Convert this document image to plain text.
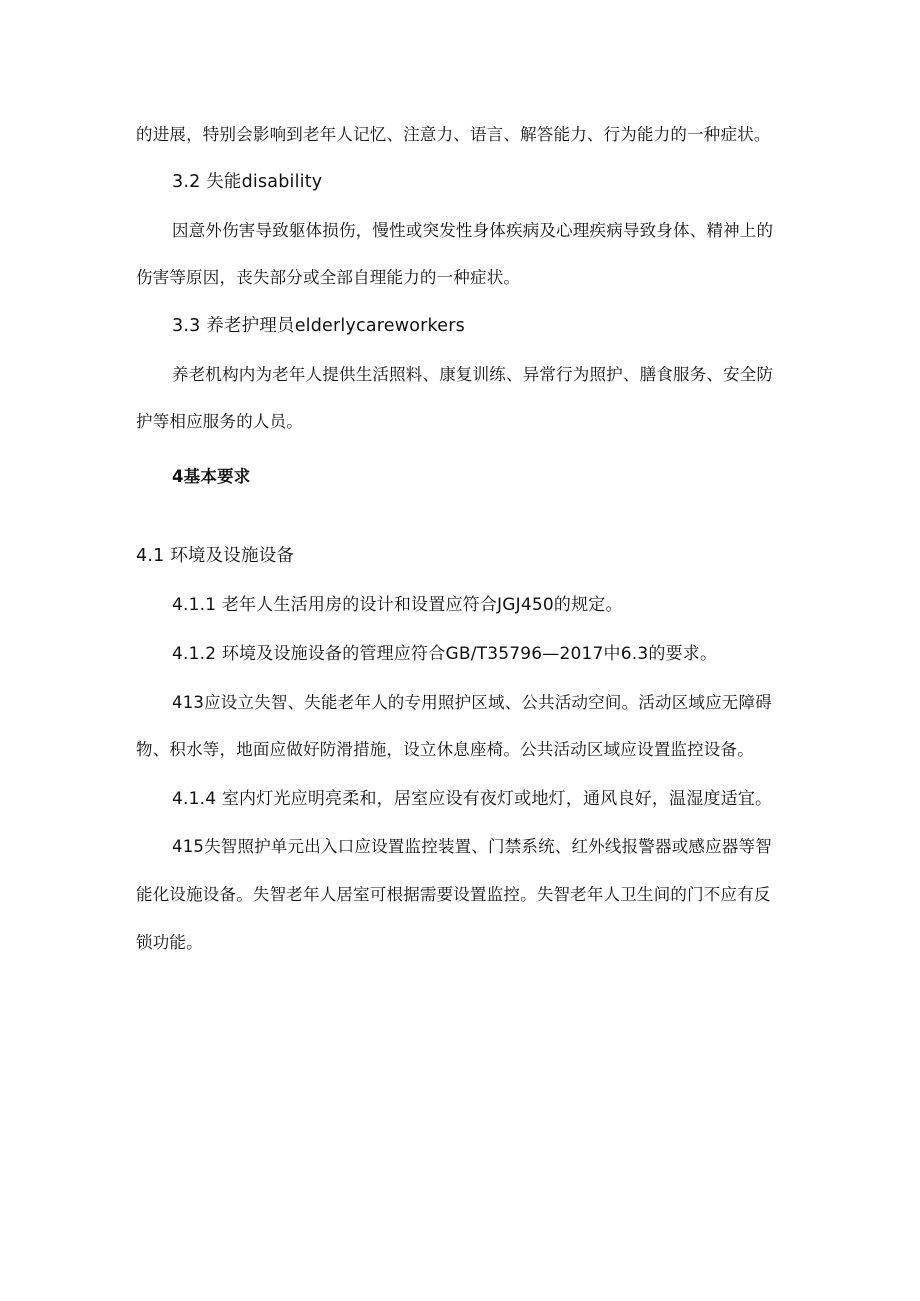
的进展，特别会影响到老年人记忆、注意力、语言、解答能力、行为能力的一种症状。
3.2 失能disability
因意外伤害导致躯体损伤，慢性或突发性身体疾病及心理疾病导致身体、精神上的
伤害等原因，丧失部分或全部自理能力的一种症状。
3.3 养老护理员elderlycareworkers
养老机构内为老年人提供生活照料、康复训练、异常行为照护、膳食服务、安全防
护等相应服务的人员。
4基本要求
4.1 环境及设施设备
4.1.1 老年人生活用房的设计和设置应符合JGJ450的规定。
4.1.2 环境及设施设备的管理应符合GB/T35796—2017中6.3的要求。
413应设立失智、失能老年人的专用照护区域、公共活动空间。活动区域应无障碍
物、积水等，地面应做好防滑措施，设立休息座椅。公共活动区域应设置监控设备。
4.1.4 室内灯光应明亮柔和，居室应设有夜灯或地灯，通风良好，温湿度适宜。
415失智照护单元出入口应设置监控装置、门禁系统、红外线报警器或感应器等智
能化设施设备。失智老年人居室可根据需要设置监控。失智老年人卫生间的门不应有反
锁功能。
